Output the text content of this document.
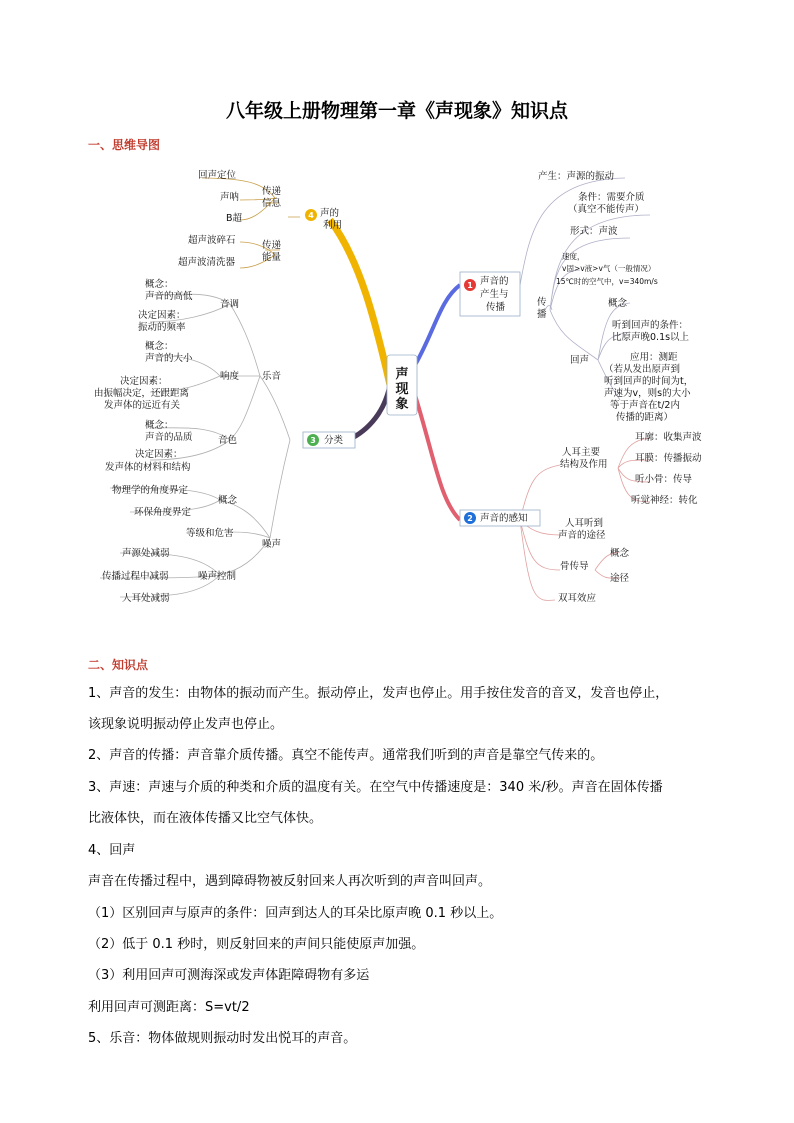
八年级上册物理第一章《声现象》知识点
一、思维导图
声
现
象
4 声的
利用
传递
信息
回声定位
声呐
B超
传递
能量
超声波碎石
超声波清洗器
3 分类
乐音
音调
概念：
声音的高低
决定因素：
振动的频率
响度
概念：
声音的大小
决定因素：
由振幅决定，还跟距离
发声体的远近有关
音色
概念：
声音的品质
决定因素：
发声体的材料和结构
噪声
概念
物理学的角度界定
环保角度界定
等级和危害
噪声控制
声源处减弱
传播过程中减弱
人耳处减弱
1 声音的
产生与
传播
产生：声源的振动
传
播
条件：需要介质
（真空不能传声）
形式：声波
速度，
v固>v液>v气（一般情况）
15℃时的空气中，v=340m/s
回声
概念
听到回声的条件：
比原声晚0.1s以上
应用：测距
（若从发出原声到
听到回声的时间为t，
声速为v，则s的大小
等于声音在t/2内
传播的距离）
2 声音的感知
人耳主要
结构及作用
耳廓：收集声波
耳膜：传播振动
听小骨：传导
听觉神经：转化
人耳听到
声音的途径
骨传导
概念
途径
双耳效应
二、知识点
1、声音的发生：由物体的振动而产生。振动停止，发声也停止。用手按住发音的音叉，发音也停止，
该现象说明振动停止发声也停止。
2、声音的传播：声音靠介质传播。真空不能传声。通常我们听到的声音是靠空气传来的。
3、声速：声速与介质的种类和介质的温度有关。在空气中传播速度是：340 米/秒。声音在固体传播
比液体快，而在液体传播又比空气体快。
4、回声
声音在传播过程中，遇到障碍物被反射回来人再次听到的声音叫回声。
（1）区别回声与原声的条件：回声到达人的耳朵比原声晚 0.1 秒以上。
（2）低于 0.1 秒时，则反射回来的声间只能使原声加强。
（3）利用回声可测海深或发声体距障碍物有多运
利用回声可测距离：S=vt/2
5、乐音：物体做规则振动时发出悦耳的声音。
